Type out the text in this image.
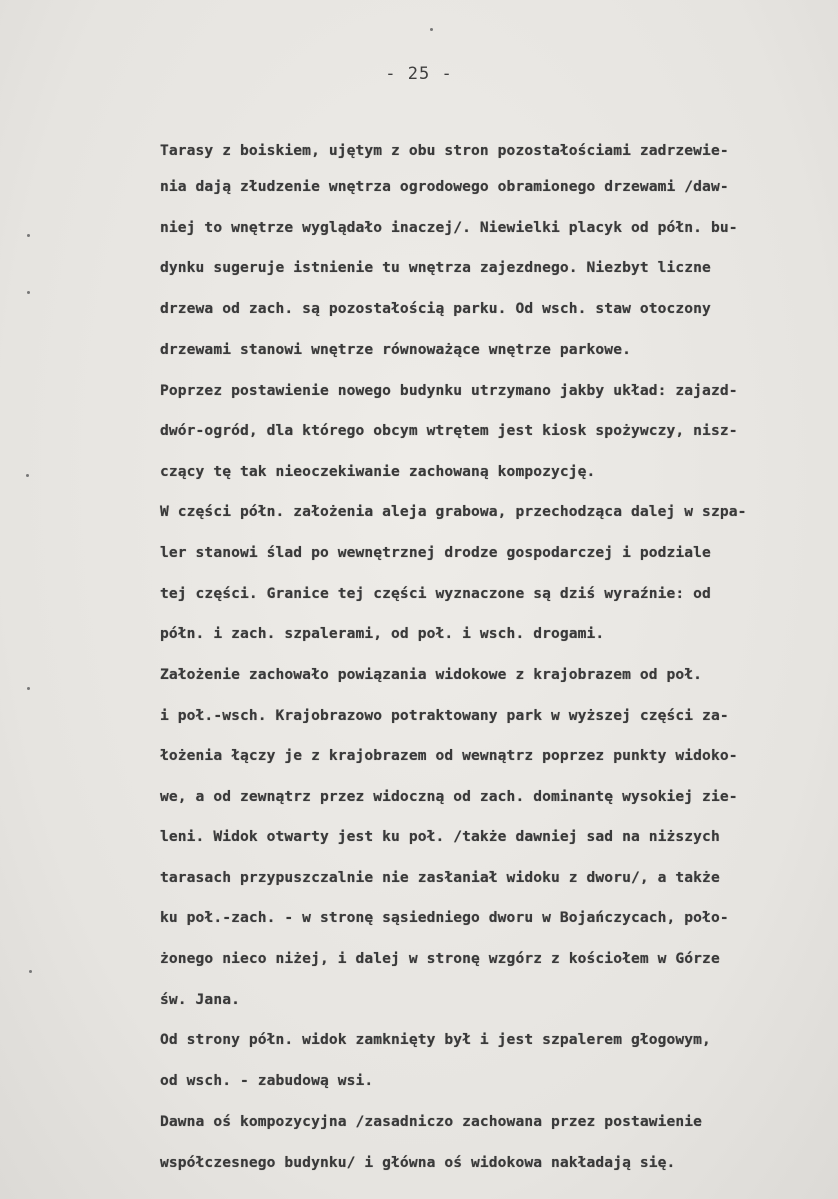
- 25 -
Tarasy z boiskiem, ujętym z obu stron pozostałościami zadrzewie-
nia dają złudzenie wnętrza ogrodowego obramionego drzewami /daw-
niej to wnętrze wyglądało inaczej/. Niewielki placyk od półn. bu-
dynku sugeruje istnienie tu wnętrza zajezdnego. Niezbyt liczne
drzewa od zach. są pozostałością parku. Od wsch. staw otoczony
drzewami stanowi wnętrze równoważące wnętrze parkowe.
Poprzez postawienie nowego budynku utrzymano jakby układ: zajazd-
dwór-ogród, dla którego obcym wtrętem jest kiosk spożywczy, nisz-
czący tę tak nieoczekiwanie zachowaną kompozycję.
W części półn. założenia aleja grabowa, przechodząca dalej w szpa-
ler stanowi ślad po wewnętrznej drodze gospodarczej i podziale
tej części. Granice tej części wyznaczone są dziś wyraźnie: od
półn. i zach. szpalerami, od poł. i wsch. drogami.
Założenie zachowało powiązania widokowe z krajobrazem od poł.
i poł.-wsch. Krajobrazowo potraktowany park w wyższej części za-
łożenia łączy je z krajobrazem od wewnątrz poprzez punkty widoko-
we, a od zewnątrz przez widoczną od zach. dominantę wysokiej zie-
leni. Widok otwarty jest ku poł. /także dawniej sad na niższych
tarasach przypuszczalnie nie zasłaniał widoku z dworu/, a także
ku poł.-zach. - w stronę sąsiedniego dworu w Bojańczycach, poło-
żonego nieco niżej, i dalej w stronę wzgórz z kościołem w Górze
św. Jana.
Od strony półn. widok zamknięty był i jest szpalerem głogowym,
od wsch. - zabudową wsi.
Dawna oś kompozycyjna /zasadniczo zachowana przez postawienie
współczesnego budynku/ i główna oś widokowa nakładają się.
